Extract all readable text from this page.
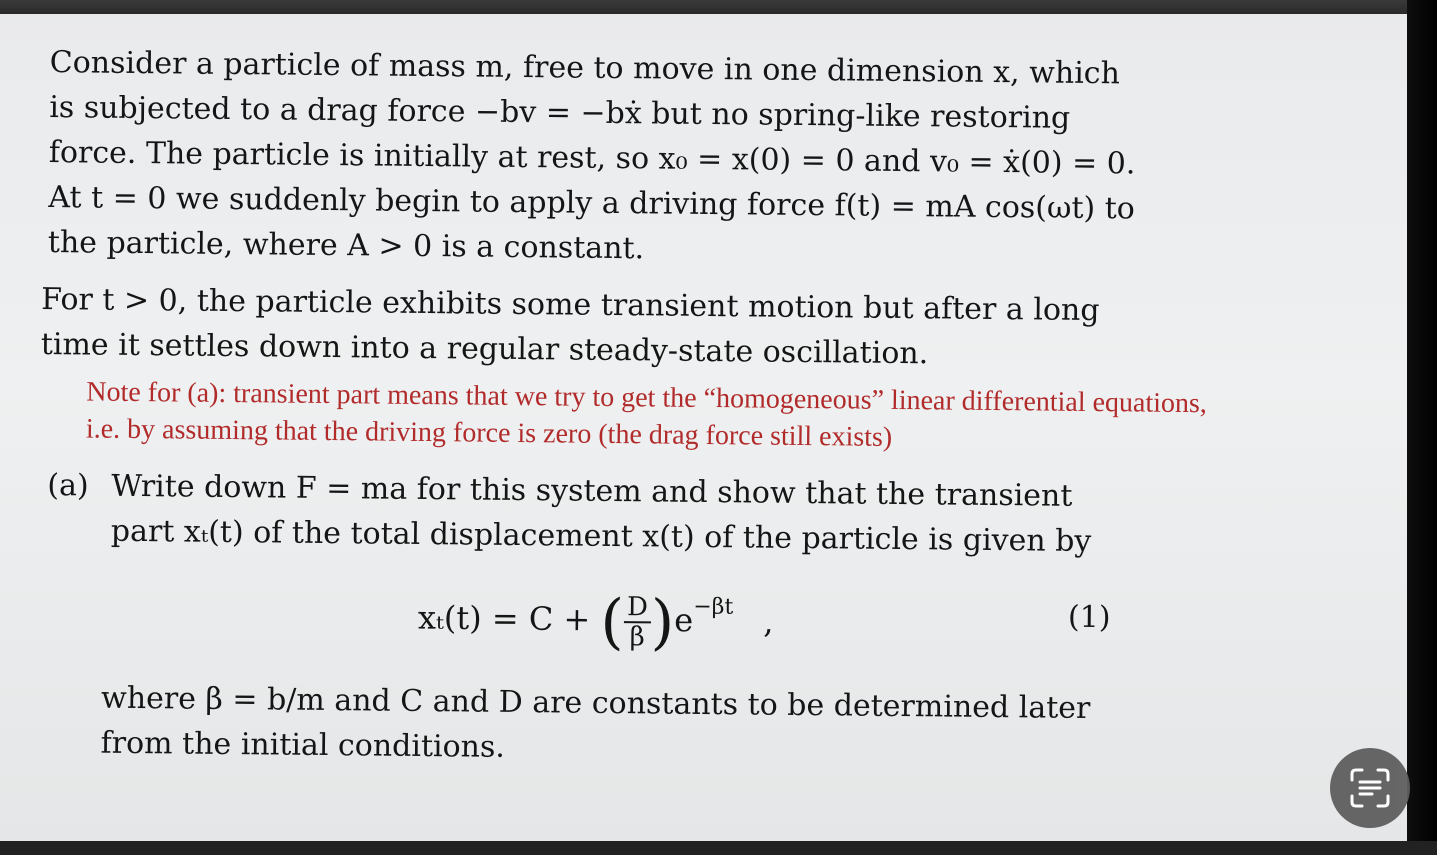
Consider a particle of mass m, free to move in one dimension x, which is subjected to a drag force −bv = −bẋ but no spring-like restoring force. The particle is initially at rest, so x₀ = x(0) = 0 and v₀ = ẋ(0) = 0. At t = 0 we suddenly begin to apply a driving force f(t) = mA cos(ωt) to the particle, where A > 0 is a constant.

For t > 0, the particle exhibits some transient motion but after a long time it settles down into a regular steady-state oscillation.

Note for (a): transient part means that we try to get the “homogeneous” linear differential equations, i.e. by assuming that the driving force is zero (the drag force still exists)
(a) Write down F = ma for this system and show that the transient part xₜ(t) of the total displacement x(t) of the particle is given by
xₜ(t) = C + ( $\frac{D}{\beta} )e^{-\beta t}$ ,	(1)
where β = b/m and C and D are constants to be determined later from the initial conditions.
